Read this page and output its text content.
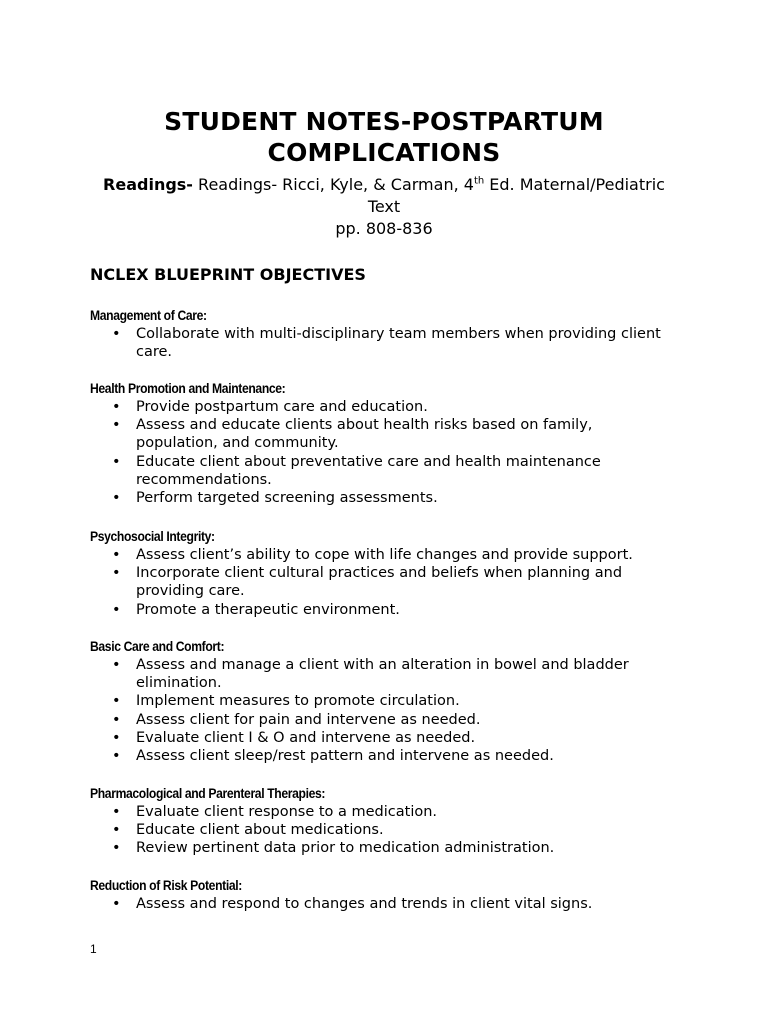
STUDENT NOTES-POSTPARTUM
COMPLICATIONS
Readings- Readings- Ricci, Kyle, & Carman, 4th Ed. Maternal/Pediatric
Text
pp. 808-836
NCLEX BLUEPRINT OBJECTIVES
Management of Care:
• Collaborate with multi-disciplinary team members when providing client care.
Health Promotion and Maintenance:
• Provide postpartum care and education.
• Assess and educate clients about health risks based on family, population, and community.
• Educate client about preventative care and health maintenance recommendations.
• Perform targeted screening assessments.
Psychosocial Integrity:
• Assess client’s ability to cope with life changes and provide support.
• Incorporate client cultural practices and beliefs when planning and providing care.
• Promote a therapeutic environment.
Basic Care and Comfort:
• Assess and manage a client with an alteration in bowel and bladder elimination.
• Implement measures to promote circulation.
• Assess client for pain and intervene as needed.
• Evaluate client I & O and intervene as needed.
• Assess client sleep/rest pattern and intervene as needed.
Pharmacological and Parenteral Therapies:
• Evaluate client response to a medication.
• Educate client about medications.
• Review pertinent data prior to medication administration.
Reduction of Risk Potential:
• Assess and respond to changes and trends in client vital signs.
1
